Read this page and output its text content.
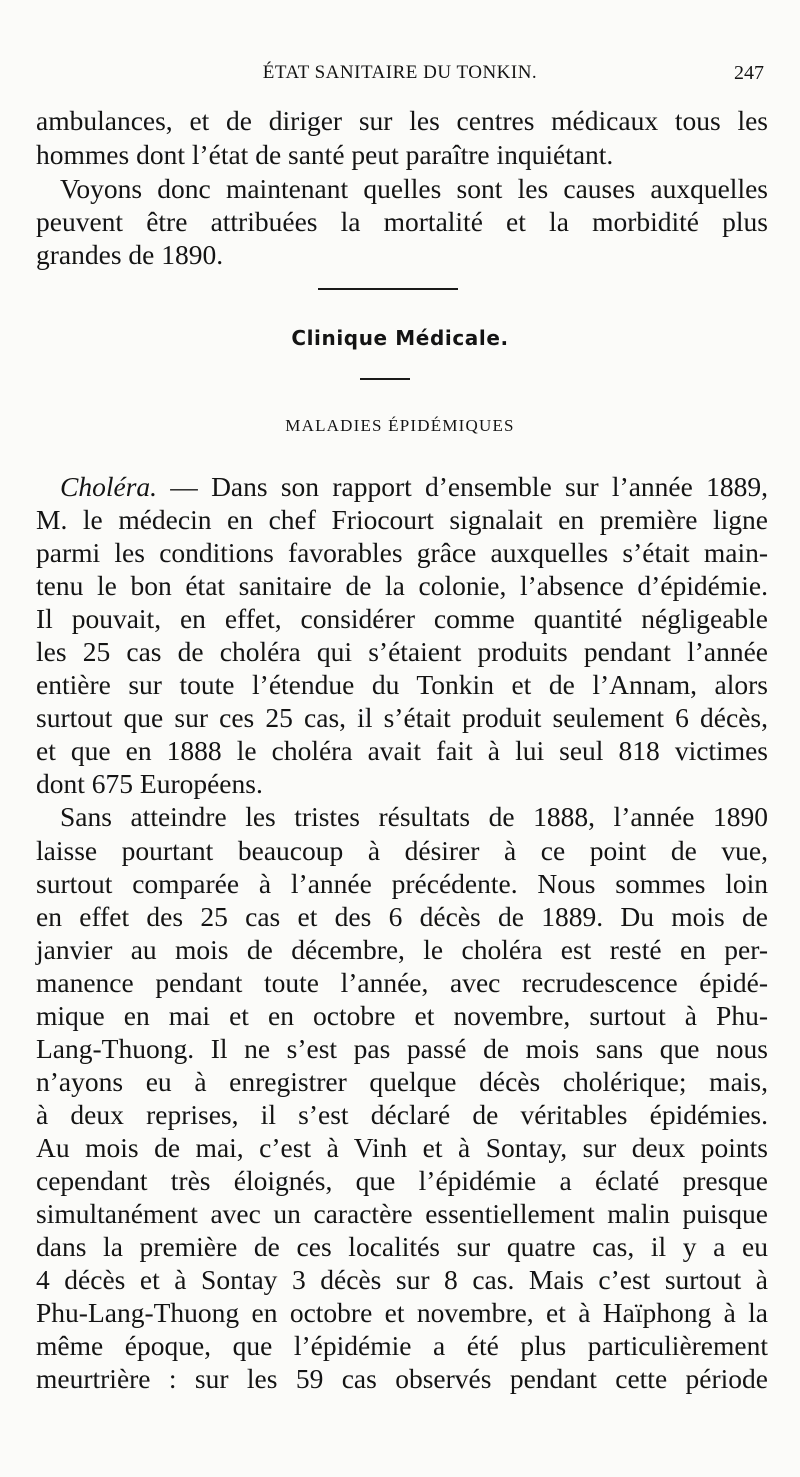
ÉTAT SANITAIRE DU TONKIN.	247
ambulances, et de diriger sur les centres médicaux tous les
hommes dont l’état de santé peut paraître inquiétant.
Voyons donc maintenant quelles sont les causes auxquelles
peuvent être attribuées la mortalité et la morbidité plus
grandes de 1890.
Clinique Médicale.
MALADIES ÉPIDÉMIQUES
Choléra. — Dans son rapport d’ensemble sur l’année 1889,
M. le médecin en chef Friocourt signalait en première ligne
parmi les conditions favorables grâce auxquelles s’était main-
tenu le bon état sanitaire de la colonie, l’absence d’épidémie.
Il pouvait, en effet, considérer comme quantité négligeable
les 25 cas de choléra qui s’étaient produits pendant l’année
entière sur toute l’étendue du Tonkin et de l’Annam, alors
surtout que sur ces 25 cas, il s’était produit seulement 6 décès,
et que en 1888 le choléra avait fait à lui seul 818 victimes
dont 675 Européens.
Sans atteindre les tristes résultats de 1888, l’année 1890
laisse pourtant beaucoup à désirer à ce point de vue,
surtout comparée à l’année précédente. Nous sommes loin
en effet des 25 cas et des 6 décès de 1889. Du mois de
janvier au mois de décembre, le choléra est resté en per-
manence pendant toute l’année, avec recrudescence épidé-
mique en mai et en octobre et novembre, surtout à Phu-
Lang-Thuong. Il ne s’est pas passé de mois sans que nous
n’ayons eu à enregistrer quelque décès cholérique; mais,
à deux reprises, il s’est déclaré de véritables épidémies.
Au mois de mai, c’est à Vinh et à Sontay, sur deux points
cependant très éloignés, que l’épidémie a éclaté presque
simultanément avec un caractère essentiellement malin puisque
dans la première de ces localités sur quatre cas, il y a eu
4 décès et à Sontay 3 décès sur 8 cas. Mais c’est surtout à
Phu-Lang-Thuong en octobre et novembre, et à Haïphong à la
même époque, que l’épidémie a été plus particulièrement
meurtrière : sur les 59 cas observés pendant cette période
